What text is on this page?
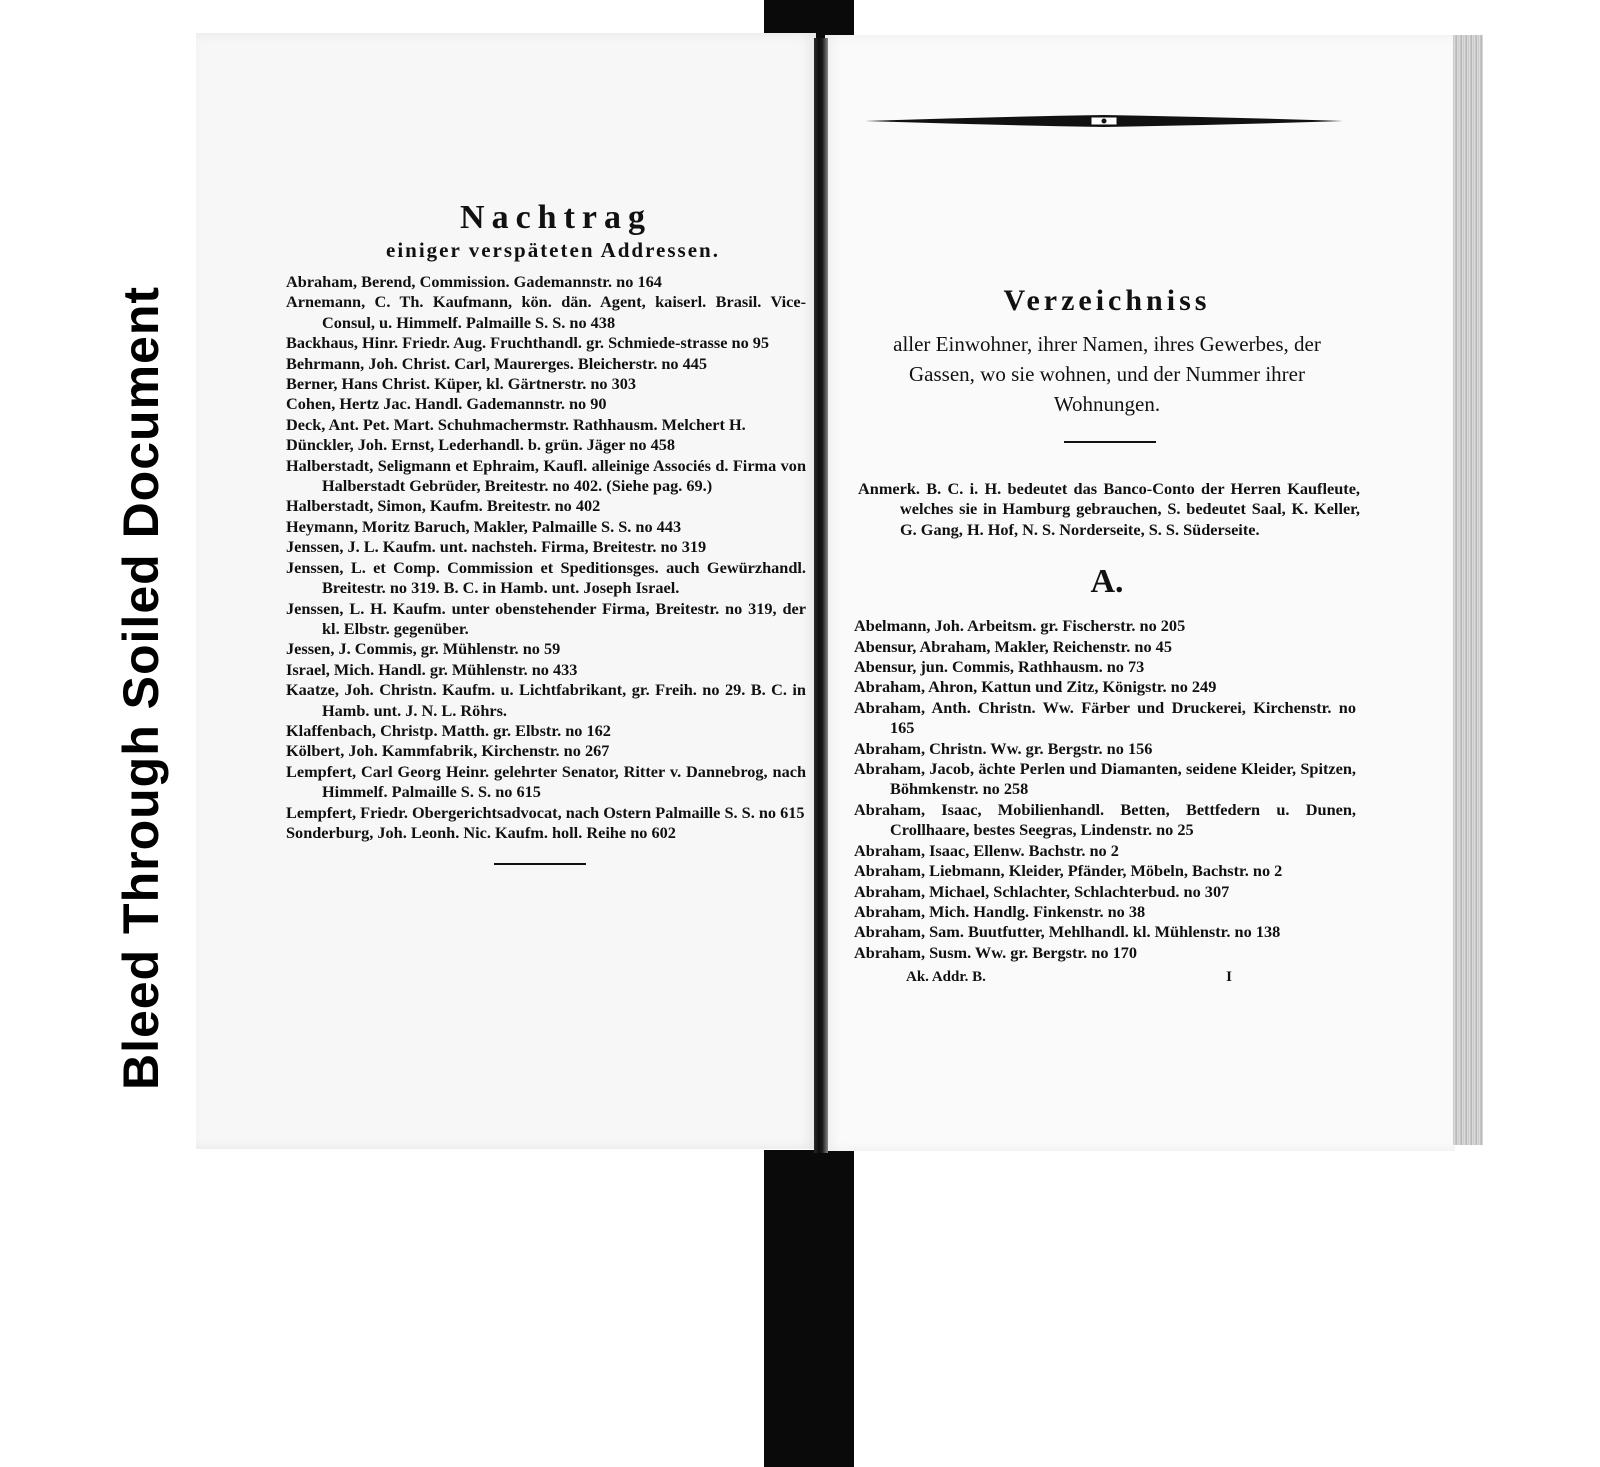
Bleed Through Soiled Document
Nachtrag
einiger verspäteten Addressen.
Abraham, Berend, Commission. Gademannstr. no 164
Arnemann, C. Th. Kaufmann, kön. dän. Agent, kaiserl. Brasil. Vice-Consul, u. Himmelf. Palmaille S. S. no 438
Backhaus, Hinr. Friedr. Aug. Fruchthandl. gr. Schmiede-strasse no 95
Behrmann, Joh. Christ. Carl, Maurerges. Bleicherstr. no 445
Berner, Hans Christ. Küper, kl. Gärtnerstr. no 303
Cohen, Hertz Jac. Handl. Gademannstr. no 90
Deck, Ant. Pet. Mart. Schuhmachermstr. Rathhausm. Melchert H.
Dünckler, Joh. Ernst, Lederhandl. b. grün. Jäger no 458
Halberstadt, Seligmann et Ephraim, Kaufl. alleinige Associés d. Firma von Halberstadt Gebrüder, Breitestr. no 402. (Siehe pag. 69.)
Halberstadt, Simon, Kaufm. Breitestr. no 402
Heymann, Moritz Baruch, Makler, Palmaille S. S. no 443
Jenssen, J. L. Kaufm. unt. nachsteh. Firma, Breitestr. no 319
Jenssen, L. et Comp. Commission et Speditionsges. auch Gewürzhandl. Breitestr. no 319. B. C. in Hamb. unt. Joseph Israel.
Jenssen, L. H. Kaufm. unter obenstehender Firma, Breitestr. no 319, der kl. Elbstr. gegenüber.
Jessen, J. Commis, gr. Mühlenstr. no 59
Israel, Mich. Handl. gr. Mühlenstr. no 433
Kaatze, Joh. Christn. Kaufm. u. Lichtfabrikant, gr. Freih. no 29. B. C. in Hamb. unt. J. N. L. Röhrs.
Klaffenbach, Christp. Matth. gr. Elbstr. no 162
Kölbert, Joh. Kammfabrik, Kirchenstr. no 267
Lempfert, Carl Georg Heinr. gelehrter Senator, Ritter v. Dannebrog, nach Himmelf. Palmaille S. S. no 615
Lempfert, Friedr. Obergerichtsadvocat, nach Ostern Palmaille S. S. no 615
Sonderburg, Joh. Leonh. Nic. Kaufm. holl. Reihe no 602
Verzeichniss

aller Einwohner, ihrer Namen, ihres Gewerbes, der Gassen, wo sie wohnen, und der Nummer ihrer Wohnungen.

Anmerk. B. C. i. H. bedeutet das Banco-Conto der Herren Kaufleute, welches sie in Hamburg gebrauchen, S. bedeutet Saal, K. Keller, G. Gang, H. Hof, N. S. Norderseite, S. S. Süderseite.

A.
Abelmann, Joh. Arbeitsm. gr. Fischerstr. no 205
Abensur, Abraham, Makler, Reichenstr. no 45
Abensur, jun. Commis, Rathhausm. no 73
Abraham, Ahron, Kattun und Zitz, Königstr. no 249
Abraham, Anth. Christn. Ww. Färber und Druckerei, Kirchenstr. no 165
Abraham, Christn. Ww. gr. Bergstr. no 156
Abraham, Jacob, ächte Perlen und Diamanten, seidene Kleider, Spitzen, Böhmkenstr. no 258
Abraham, Isaac, Mobilienhandl. Betten, Bettfedern u. Dunen, Crollhaare, bestes Seegras, Lindenstr. no 25
Abraham, Isaac, Ellenw. Bachstr. no 2
Abraham, Liebmann, Kleider, Pfänder, Möbeln, Bachstr. no 2
Abraham, Michael, Schlachter, Schlachterbud. no 307
Abraham, Mich. Handlg. Finkenstr. no 38
Abraham, Sam. Buutfutter, Mehlhandl. kl. Mühlenstr. no 138
Abraham, Susm. Ww. gr. Bergstr. no 170
Ak. Addr. B.	I
